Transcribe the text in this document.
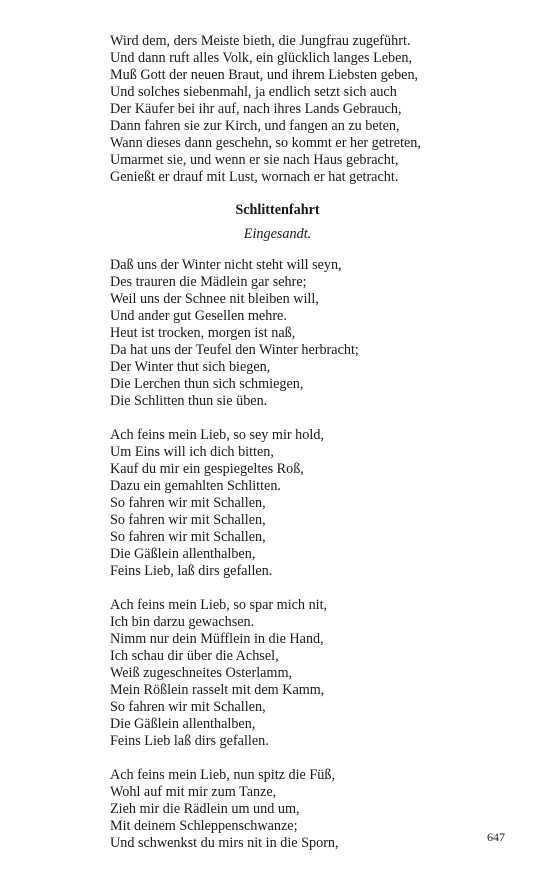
Wird dem, ders Meiste bieth, die Jungfrau zugeführt.
Und dann ruft alles Volk, ein glücklich langes Leben,
Muß Gott der neuen Braut, und ihrem Liebsten geben,
Und solches siebenmahl, ja endlich setzt sich auch
Der Käufer bei ihr auf, nach ihres Lands Gebrauch,
Dann fahren sie zur Kirch, und fangen an zu beten,
Wann dieses dann geschehn, so kommt er her getreten,
Umarmet sie, und wenn er sie nach Haus gebracht,
Genießt er drauf mit Lust, wornach er hat getracht.
Schlittenfahrt
Eingesandt.
Daß uns der Winter nicht steht will seyn,
Des trauren die Mädlein gar sehre;
Weil uns der Schnee nit bleiben will,
Und ander gut Gesellen mehre.
Heut ist trocken, morgen ist naß,
Da hat uns der Teufel den Winter herbracht;
Der Winter thut sich biegen,
Die Lerchen thun sich schmiegen,
Die Schlitten thun sie üben.
Ach feins mein Lieb, so sey mir hold,
Um Eins will ich dich bitten,
Kauf du mir ein gespiegeltes Roß,
Dazu ein gemahlten Schlitten.
So fahren wir mit Schallen,
So fahren wir mit Schallen,
So fahren wir mit Schallen,
Die Gäßlein allenthalben,
Feins Lieb, laß dirs gefallen.
Ach feins mein Lieb, so spar mich nit,
Ich bin darzu gewachsen.
Nimm nur dein Müfflein in die Hand,
Ich schau dir über die Achsel,
Weiß zugeschneites Osterlamm,
Mein Rößlein rasselt mit dem Kamm,
So fahren wir mit Schallen,
Die Gäßlein allenthalben,
Feins Lieb laß dirs gefallen.
Ach feins mein Lieb, nun spitz die Füß,
Wohl auf mit mir zum Tanze,
Zieh mir die Rädlein um und um,
Mit deinem Schleppenschwanze;
Und schwenkst du mirs nit in die Sporn,	647
